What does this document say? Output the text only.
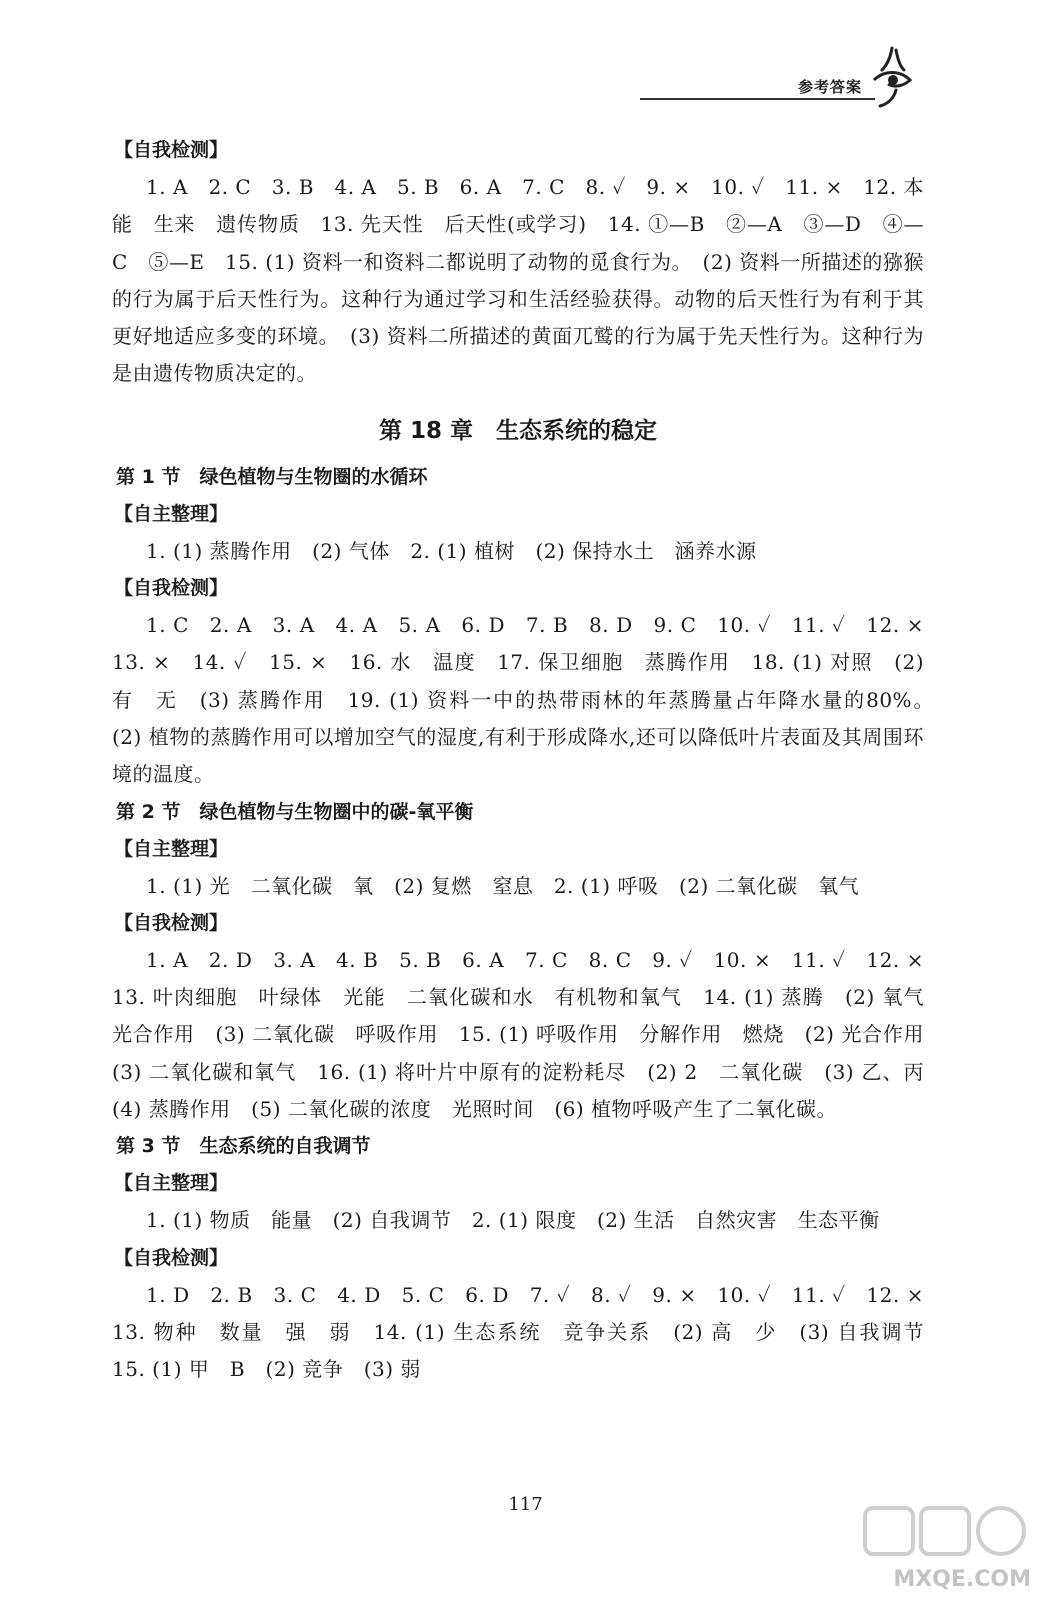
参考答案
【自我检测】
1. A　2. C　3. B　4. A　5. B　6. A　7. C　8. ✓　9. ×　10. ✓　11. ×　12. 本能　生来　遗传物质　13. 先天性　后天性(或学习)　14. ①—B　②—A　③—D　④—C　⑤—E　15. (1) 资料一和资料二都说明了动物的觅食行为。　(2) 资料一所描述的猕猴的行为属于后天性行为。这种行为通过学习和生活经验获得。动物的后天性行为有利于其更好地适应多变的环境。　(3) 资料二所描述的黄面兀鹫的行为属于先天性行为。这种行为是由遗传物质决定的。
第 18 章　生态系统的稳定
第 1 节　绿色植物与生物圈的水循环
【自主整理】
1. (1) 蒸腾作用　(2) 气体　2. (1) 植树　(2) 保持水土　涵养水源
【自我检测】
1. C　2. A　3. A　4. A　5. A　6. D　7. B　8. D　9. C　10. ✓　11. ✓　12. ×　13. ×　14. ✓　15. ×　16. 水　温度　17. 保卫细胞　蒸腾作用　18. (1) 对照　(2) 有　无　(3) 蒸腾作用　19. (1) 资料一中的热带雨林的年蒸腾量占年降水量的80%。　(2) 植物的蒸腾作用可以增加空气的湿度,有利于形成降水,还可以降低叶片表面及其周围环境的温度。
第 2 节　绿色植物与生物圈中的碳-氧平衡
【自主整理】
1. (1) 光　二氧化碳　氧　(2) 复燃　窒息　2. (1) 呼吸　(2) 二氧化碳　氧气
【自我检测】
1. A　2. D　3. A　4. B　5. B　6. A　7. C　8. C　9. ✓　10. ×　11. ✓　12. ×　13. 叶肉细胞　叶绿体　光能　二氧化碳和水　有机物和氧气　14. (1) 蒸腾　(2) 氧气　光合作用　(3) 二氧化碳　呼吸作用　15. (1) 呼吸作用　分解作用　燃烧　(2) 光合作用　(3) 二氧化碳和氧气　16. (1) 将叶片中原有的淀粉耗尽　(2) 2　二氧化碳　(3) 乙、丙　(4) 蒸腾作用　(5) 二氧化碳的浓度　光照时间　(6) 植物呼吸产生了二氧化碳。
第 3 节　生态系统的自我调节
【自主整理】
1. (1) 物质　能量　(2) 自我调节　2. (1) 限度　(2) 生活　自然灾害　生态平衡
【自我检测】
1. D　2. B　3. C　4. D　5. C　6. D　7. ✓　8. ✓　9. ×　10. ✓　11. ✓　12. ×　13. 物种　数量　强　弱　14. (1) 生态系统　竞争关系　(2) 高　少　(3) 自我调节　15. (1) 甲　B　(2) 竞争　(3) 弱
117
MXQE.COM
